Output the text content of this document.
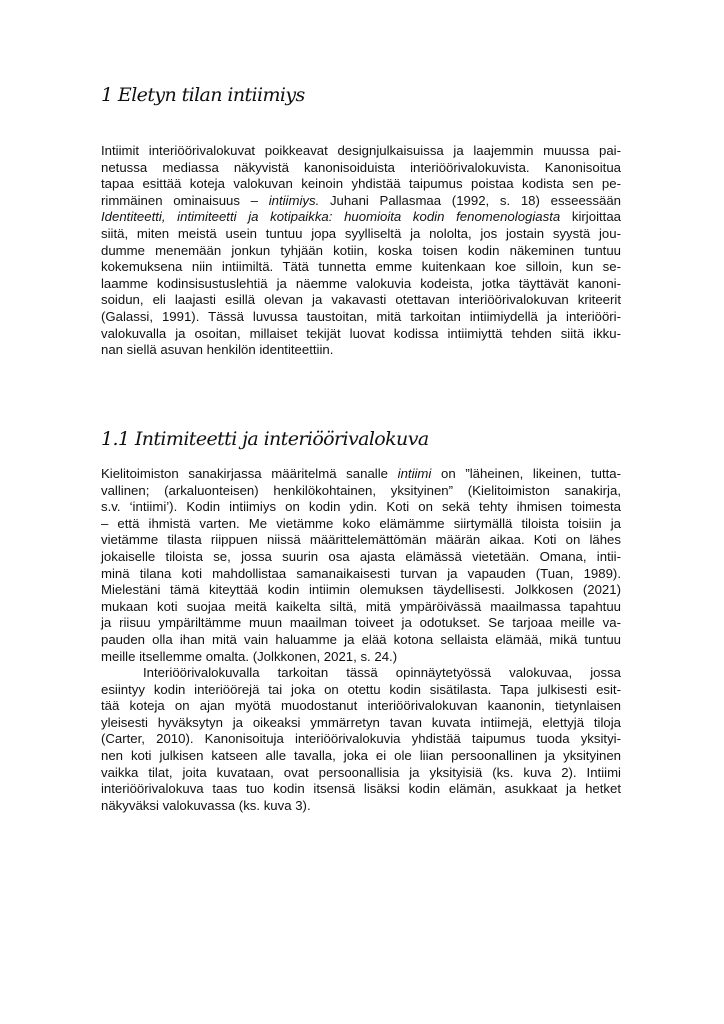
1 Eletyn tilan intiimiys
Intiimit interiöörivalokuvat poikkeavat designjulkaisuissa ja laajemmin muussa pai-
netussa mediassa näkyvistä kanonisoiduista interiöörivalokuvista. Kanonisoitua
tapaa esittää koteja valokuvan keinoin yhdistää taipumus poistaa kodista sen pe-
rimmäinen ominaisuus – intiimiys. Juhani Pallasmaa (1992, s. 18) esseessään
Identiteetti, intimiteetti ja kotipaikka: huomioita kodin fenomenologiasta kirjoittaa
siitä, miten meistä usein tuntuu jopa syylliseltä ja nololta, jos jostain syystä jou-
dumme menemään jonkun tyhjään kotiin, koska toisen kodin näkeminen tuntuu
kokemuksena niin intiimiltä. Tätä tunnetta emme kuitenkaan koe silloin, kun se-
laamme kodinsisustuslehtiä ja näemme valokuvia kodeista, jotka täyttävät kanoni-
soidun, eli laajasti esillä olevan ja vakavasti otettavan interiöörivalokuvan kriteerit
(Galassi, 1991). Tässä luvussa taustoitan, mitä tarkoitan intiimiydellä ja interiööri-
valokuvalla ja osoitan, millaiset tekijät luovat kodissa intiimiyttä tehden siitä ikku-
nan siellä asuvan henkilön identiteettiin.
1.1 Intimiteetti ja interiöörivalokuva
Kielitoimiston sanakirjassa määritelmä sanalle intiimi on ”läheinen, likeinen, tutta-
vallinen; (arkaluonteisen) henkilökohtainen, yksityinen” (Kielitoimiston sanakirja,
s.v. ‘intiimi’). Kodin intiimiys on kodin ydin. Koti on sekä tehty ihmisen toimesta
– että ihmistä varten. Me vietämme koko elämämme siirtymällä tiloista toisiin ja
vietämme tilasta riippuen niissä määrittelemättömän määrän aikaa. Koti on lähes
jokaiselle tiloista se, jossa suurin osa ajasta elämässä vietetään. Omana, intii-
minä tilana koti mahdollistaa samanaikaisesti turvan ja vapauden (Tuan, 1989).
Mielestäni tämä kiteyttää kodin intiimin olemuksen täydellisesti. Jolkkosen (2021)
mukaan koti suojaa meitä kaikelta siltä, mitä ympäröivässä maailmassa tapahtuu
ja riisuu ympäriltämme muun maailman toiveet ja odotukset. Se tarjoaa meille va-
pauden olla ihan mitä vain haluamme ja elää kotona sellaista elämää, mikä tuntuu
meille itsellemme omalta. (Jolkkonen, 2021, s. 24.)
Interiöörivalokuvalla tarkoitan tässä opinnäytetyössä valokuvaa, jossa
esiintyy kodin interiöörejä tai joka on otettu kodin sisätilasta. Tapa julkisesti esit-
tää koteja on ajan myötä muodostanut interiöörivalokuvan kaanonin, tietynlaisen
yleisesti hyväksytyn ja oikeaksi ymmärretyn tavan kuvata intiimejä, elettyjä tiloja
(Carter, 2010). Kanonisoituja interiöörivalokuvia yhdistää taipumus tuoda yksityi-
nen koti julkisen katseen alle tavalla, joka ei ole liian persoonallinen ja yksityinen
vaikka tilat, joita kuvataan, ovat persoonallisia ja yksityisiä (ks. kuva 2). Intiimi
interiöörivalokuva taas tuo kodin itsensä lisäksi kodin elämän, asukkaat ja hetket
näkyväksi valokuvassa (ks. kuva 3).
